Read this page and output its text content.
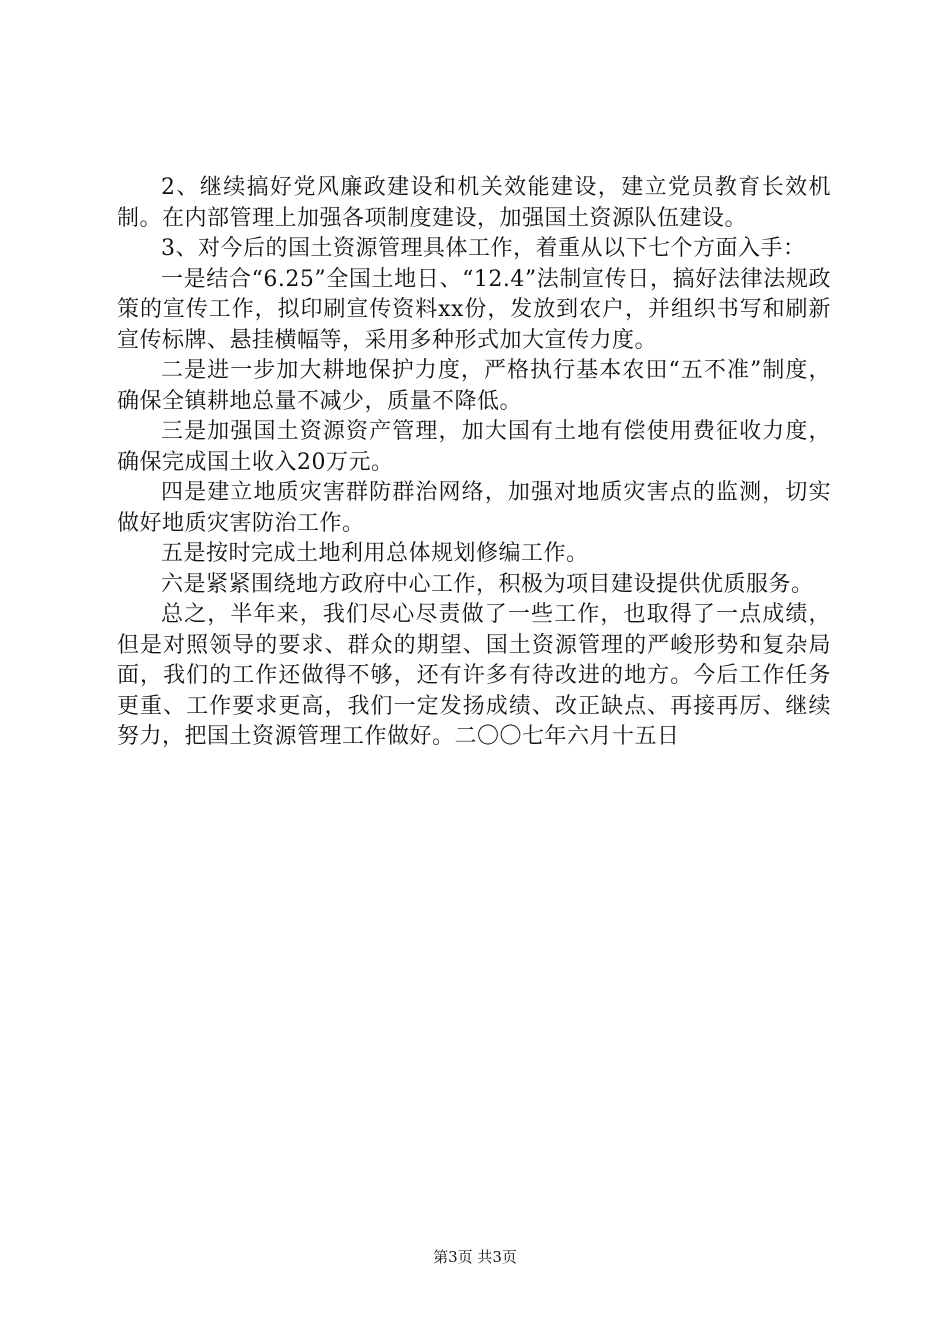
2、继续搞好党风廉政建设和机关效能建设，建立党员教育长效机制。在内部管理上加强各项制度建设，加强国土资源队伍建设。

3、对今后的国土资源管理具体工作，着重从以下七个方面入手：

一是结合“6.25”全国土地日、“12.4”法制宣传日，搞好法律法规政策的宣传工作，拟印刷宣传资料xx份，发放到农户，并组织书写和刷新宣传标牌、悬挂横幅等，采用多种形式加大宣传力度。

二是进一步加大耕地保护力度，严格执行基本农田“五不准”制度，确保全镇耕地总量不减少，质量不降低。

三是加强国土资源资产管理，加大国有土地有偿使用费征收力度，确保完成国土收入20万元。

四是建立地质灾害群防群治网络，加强对地质灾害点的监测，切实做好地质灾害防治工作。

五是按时完成土地利用总体规划修编工作。

六是紧紧围绕地方政府中心工作，积极为项目建设提供优质服务。

总之，半年来，我们尽心尽责做了一些工作，也取得了一点成绩，但是对照领导的要求、群众的期望、国土资源管理的严峻形势和复杂局面，我们的工作还做得不够，还有许多有待改进的地方。今后工作任务更重、工作要求更高，我们一定发扬成绩、改正缺点、再接再厉、继续努力，把国土资源管理工作做好。二〇〇七年六月十五日

第3页 共3页
